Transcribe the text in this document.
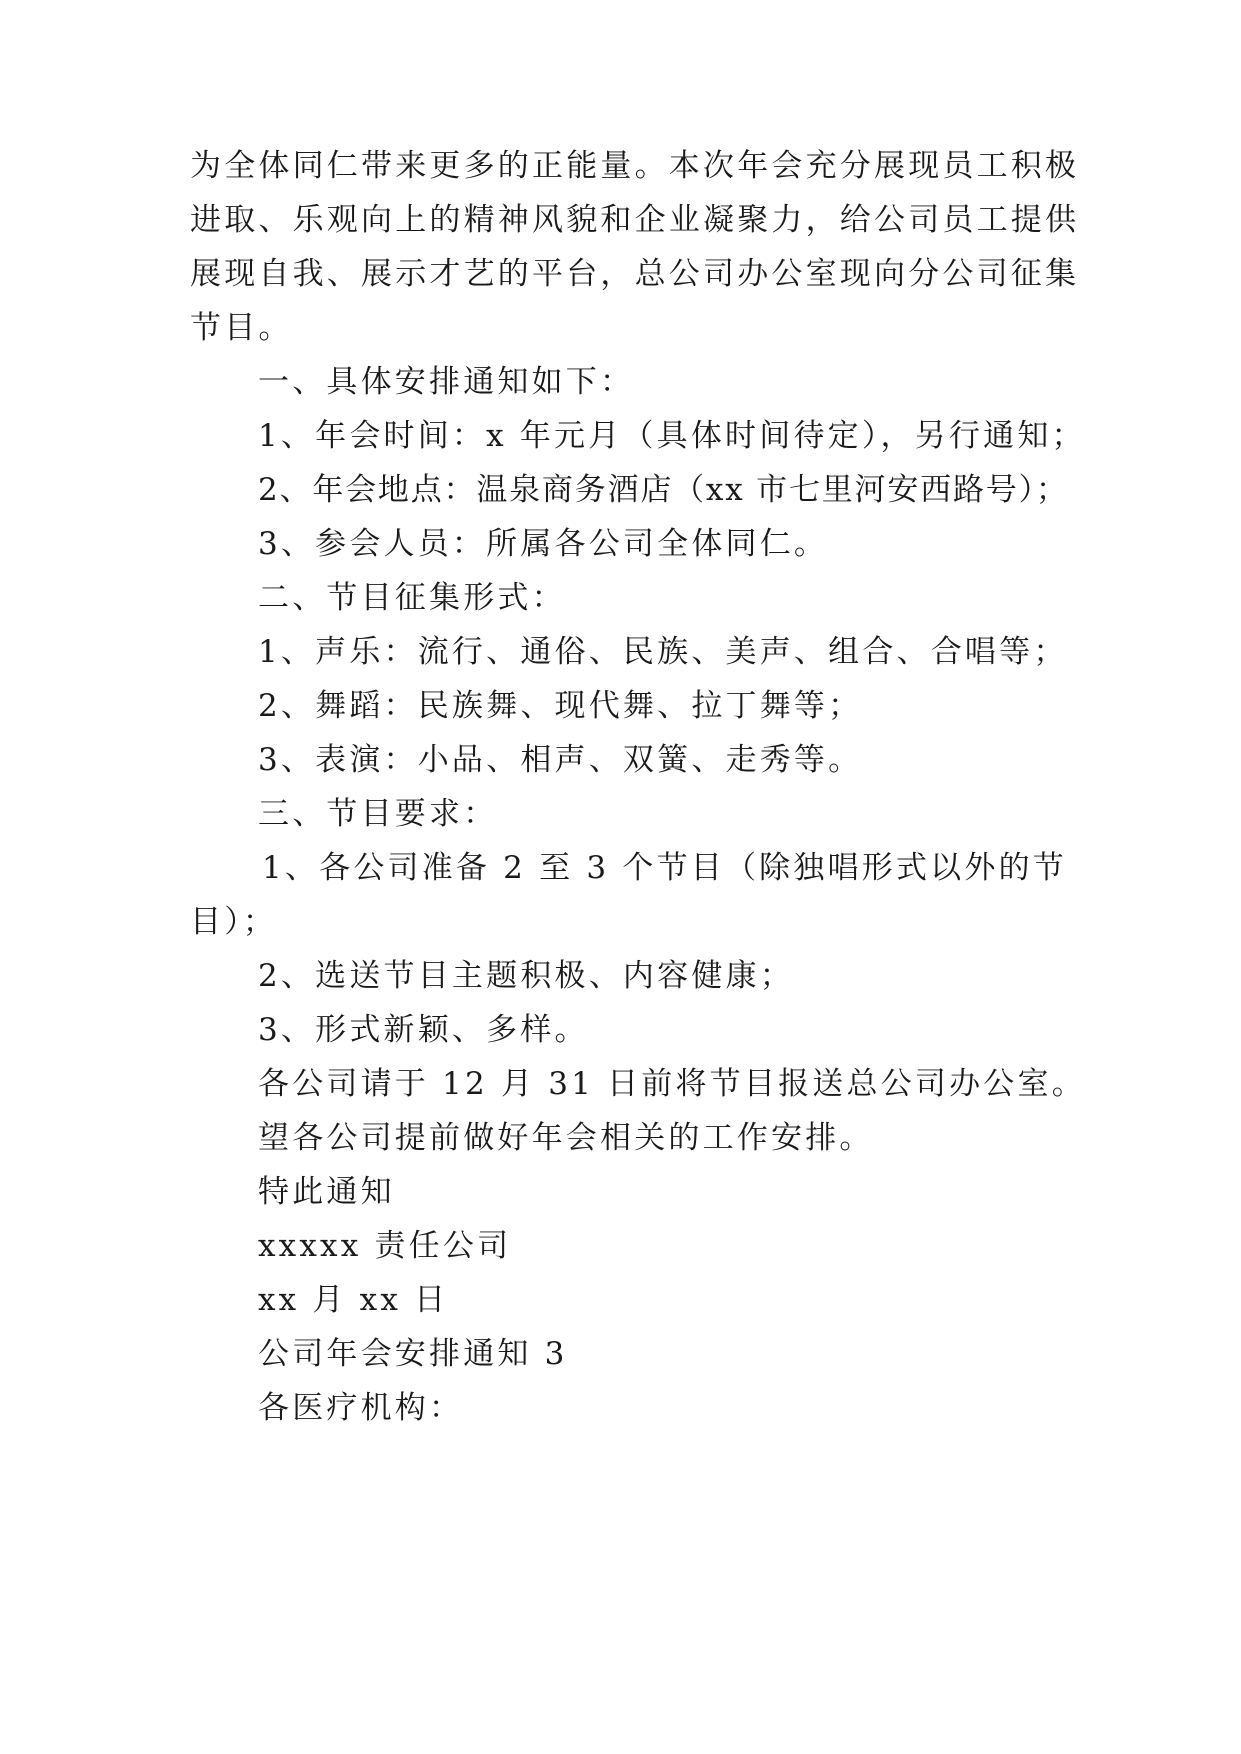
为全体同仁带来更多的正能量。本次年会充分展现员工积极
进取、乐观向上的精神风貌和企业凝聚力，给公司员工提供
展现自我、展示才艺的平台，总公司办公室现向分公司征集
节目。
一、具体安排通知如下：
1、年会时间：x 年元月（具体时间待定），另行通知；
2、年会地点：温泉商务酒店（xx 市七里河安西路号）；
3、参会人员：所属各公司全体同仁。
二、节目征集形式：
1、声乐：流行、通俗、民族、美声、组合、合唱等；
2、舞蹈：民族舞、现代舞、拉丁舞等；
3、表演：小品、相声、双簧、走秀等。
三、节目要求：
1、各公司准备 2 至 3 个节目（除独唱形式以外的节
目）；
2、选送节目主题积极、内容健康；
3、形式新颖、多样。
各公司请于 12 月 31 日前将节目报送总公司办公室。
望各公司提前做好年会相关的工作安排。
特此通知
xxxxx 责任公司
xx 月 xx 日
公司年会安排通知 3
各医疗机构：
